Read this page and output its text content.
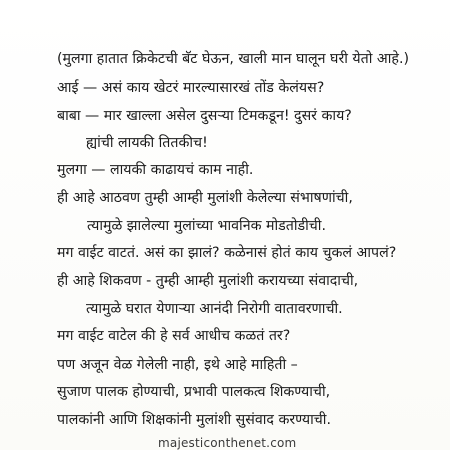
(मुलगा हातात क्रिकेटची बॅट घेऊन, खाली मान घालून घरी येतो आहे.)
आई — असं काय खेटरं मारल्यासारखं तोंड केलंयस?
बाबा — मार खाल्ला असेल दुसऱ्या टिमकडून! दुसरं काय?
ह्यांची लायकी तितकीच!
मुलगा — लायकी काढायचं काम नाही.
ही आहे आठवण तुम्ही आम्ही मुलांशी केलेल्या संभाषणांची,
त्यामुळे झालेल्या मुलांच्या भावनिक मोडतोडीची.
मग वाईट वाटतं. असं का झालं? कळेनासं होतं काय चुकलं आपलं?
ही आहे शिकवण - तुम्ही आम्ही मुलांशी करायच्या संवादाची,
त्यामुळे घरात येणाऱ्या आनंदी निरोगी वातावरणाची.
मग वाईट वाटेल की हे सर्व आधीच कळतं तर?
पण अजून वेळ गेलेली नाही, इथे आहे माहिती –
सुजाण पालक होण्याची, प्रभावी पालकत्व शिकण्याची,
पालकांनी आणि शिक्षकांनी मुलांशी सुसंवाद करण्याची.
majesticonthenet.com
